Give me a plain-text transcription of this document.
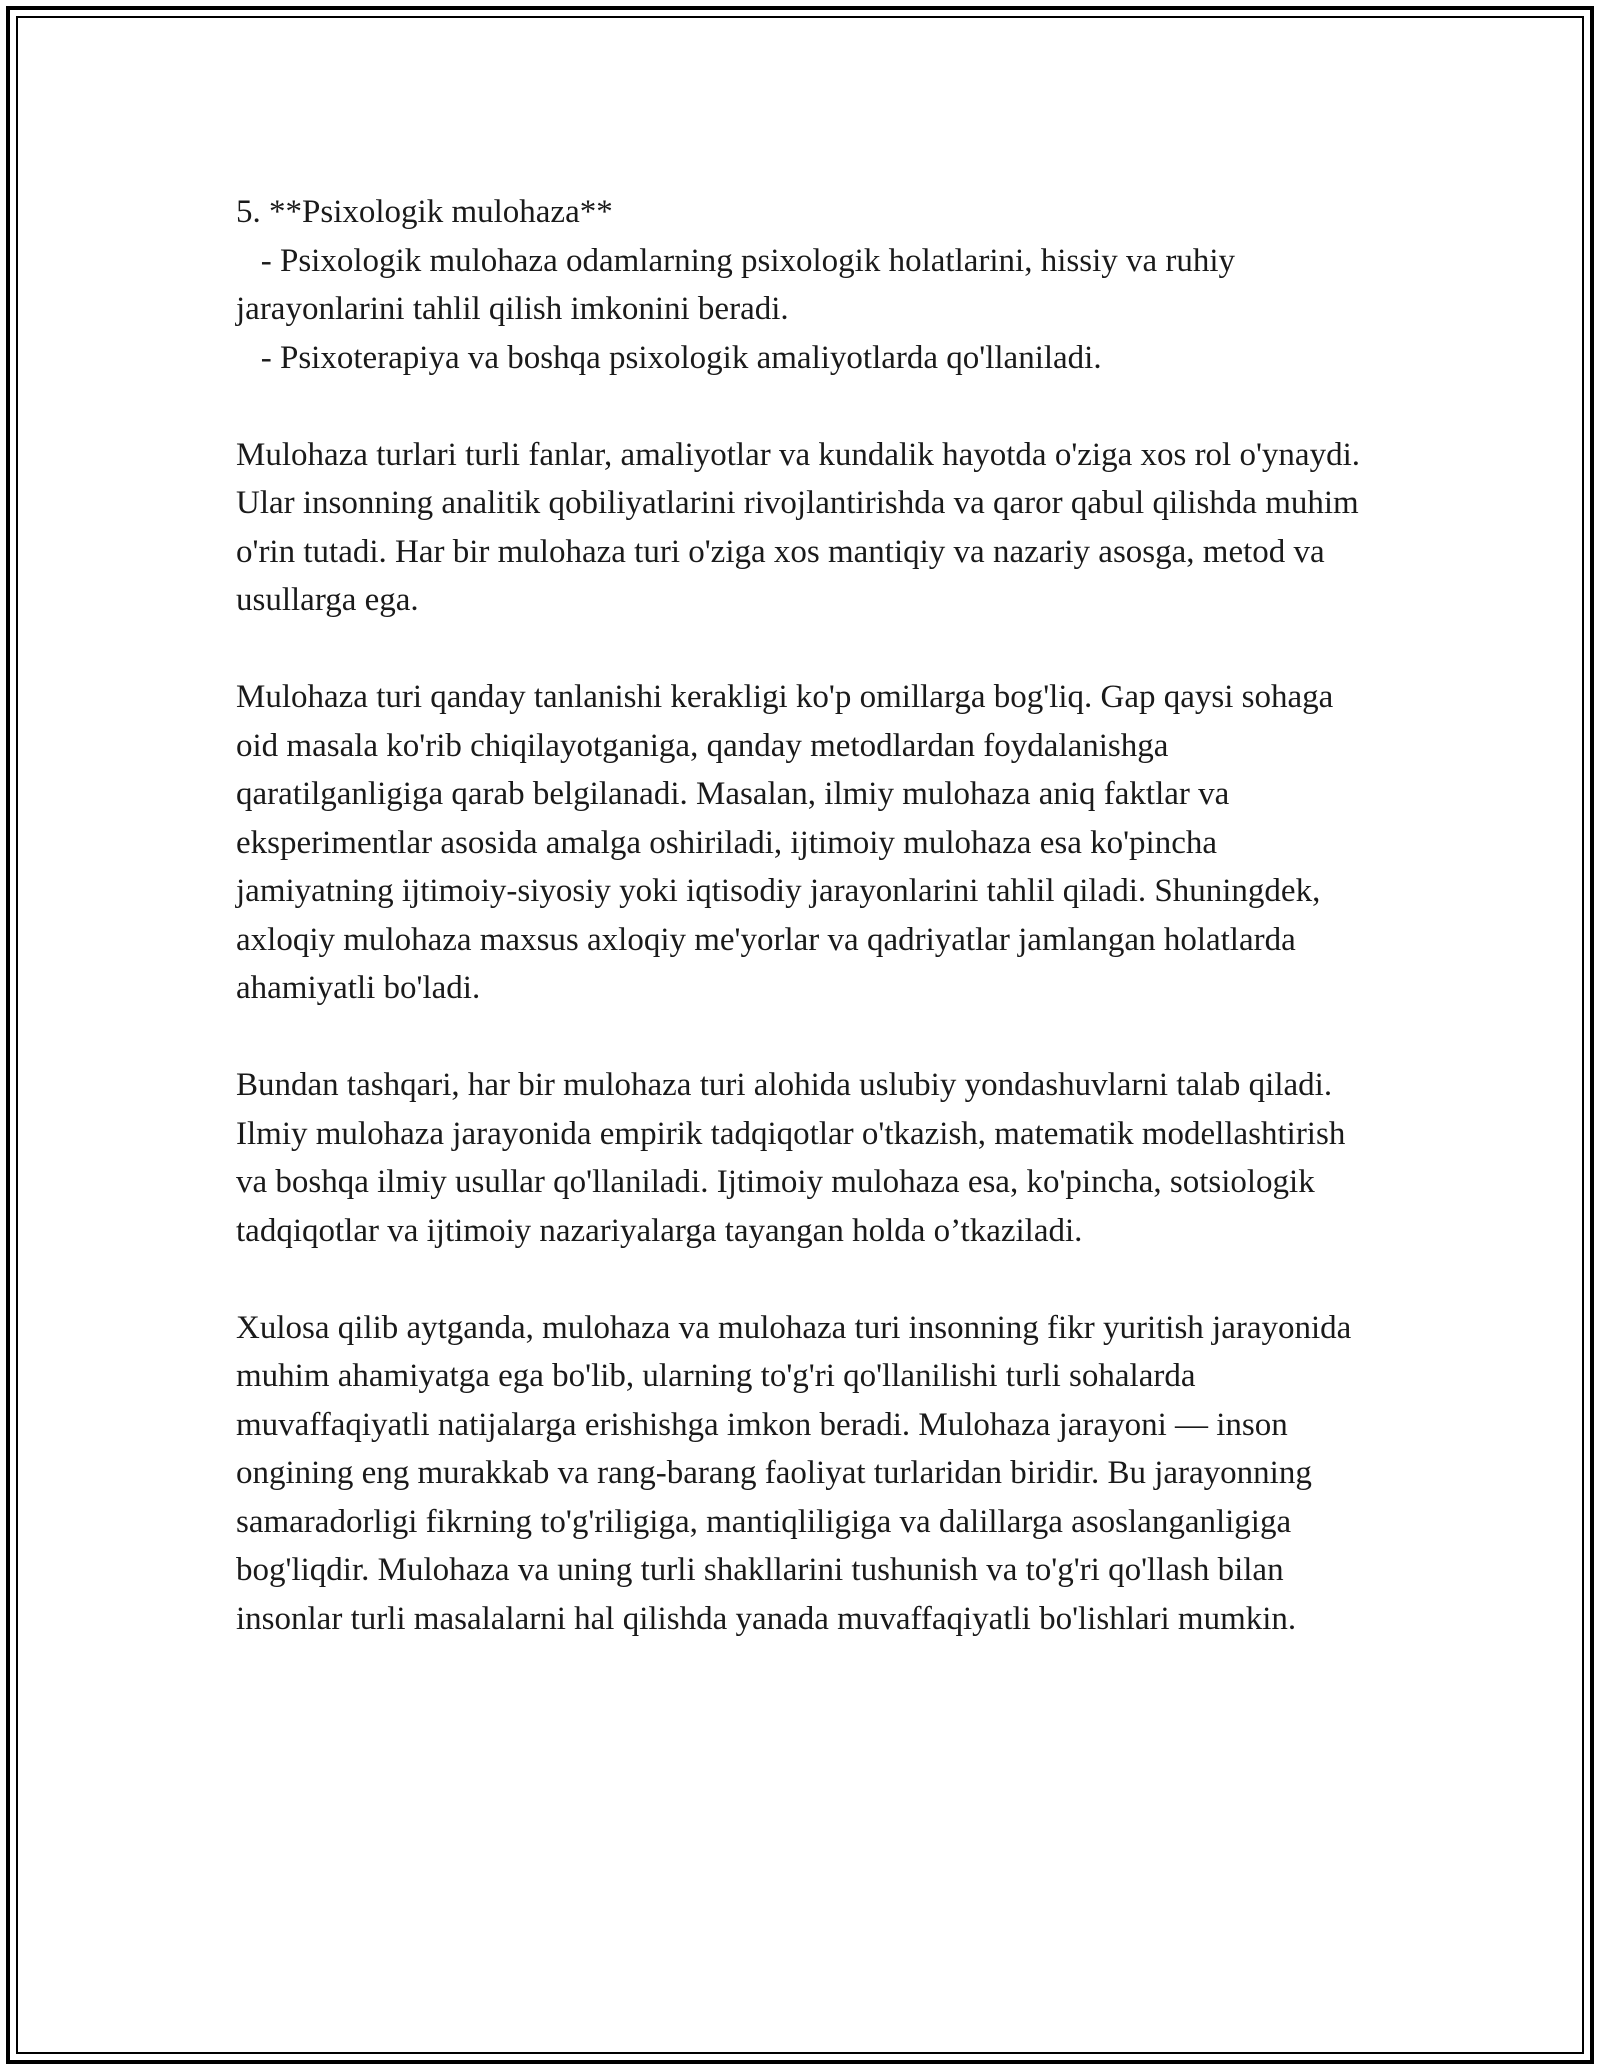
5. **Psixologik mulohaza**
- Psixologik mulohaza odamlarning psixologik holatlarini, hissiy va ruhiy jarayonlarini tahlil qilish imkonini beradi.
- Psixoterapiya va boshqa psixologik amaliyotlarda qo'llaniladi.

Mulohaza turlari turli fanlar, amaliyotlar va kundalik hayotda o'ziga xos rol o'ynaydi. Ular insonning analitik qobiliyatlarini rivojlantirishda va qaror qabul qilishda muhim o'rin tutadi. Har bir mulohaza turi o'ziga xos mantiqiy va nazariy asosga, metod va usullarga ega.

Mulohaza turi qanday tanlanishi kerakligi ko'p omillarga bog'liq. Gap qaysi sohaga oid masala ko'rib chiqilayotganiga, qanday metodlardan foydalanishga qaratilganligiga qarab belgilanadi. Masalan, ilmiy mulohaza aniq faktlar va eksperimentlar asosida amalga oshiriladi, ijtimoiy mulohaza esa ko'pincha jamiyatning ijtimoiy-siyosiy yoki iqtisodiy jarayonlarini tahlil qiladi. Shuningdek, axloqiy mulohaza maxsus axloqiy me'yorlar va qadriyatlar jamlangan holatlarda ahamiyatli bo'ladi.

Bundan tashqari, har bir mulohaza turi alohida uslubiy yondashuvlarni talab qiladi. Ilmiy mulohaza jarayonida empirik tadqiqotlar o'tkazish, matematik modellashtirish va boshqa ilmiy usullar qo'llaniladi. Ijtimoiy mulohaza esa, ko'pincha, sotsiologik tadqiqotlar va ijtimoiy nazariyalarga tayangan holda o’tkaziladi.

Xulosa qilib aytganda, mulohaza va mulohaza turi insonning fikr yuritish jarayonida muhim ahamiyatga ega bo'lib, ularning to'g'ri qo'llanilishi turli sohalarda muvaffaqiyatli natijalarga erishishga imkon beradi. Mulohaza jarayoni — inson ongining eng murakkab va rang-barang faoliyat turlaridan biridir. Bu jarayonning samaradorligi fikrning to'g'riligiga, mantiqliligiga va dalillarga asoslanganligiga bog'liqdir. Mulohaza va uning turli shakllarini tushunish va to'g'ri qo'llash bilan insonlar turli masalalarni hal qilishda yanada muvaffaqiyatli bo'lishlari mumkin.
